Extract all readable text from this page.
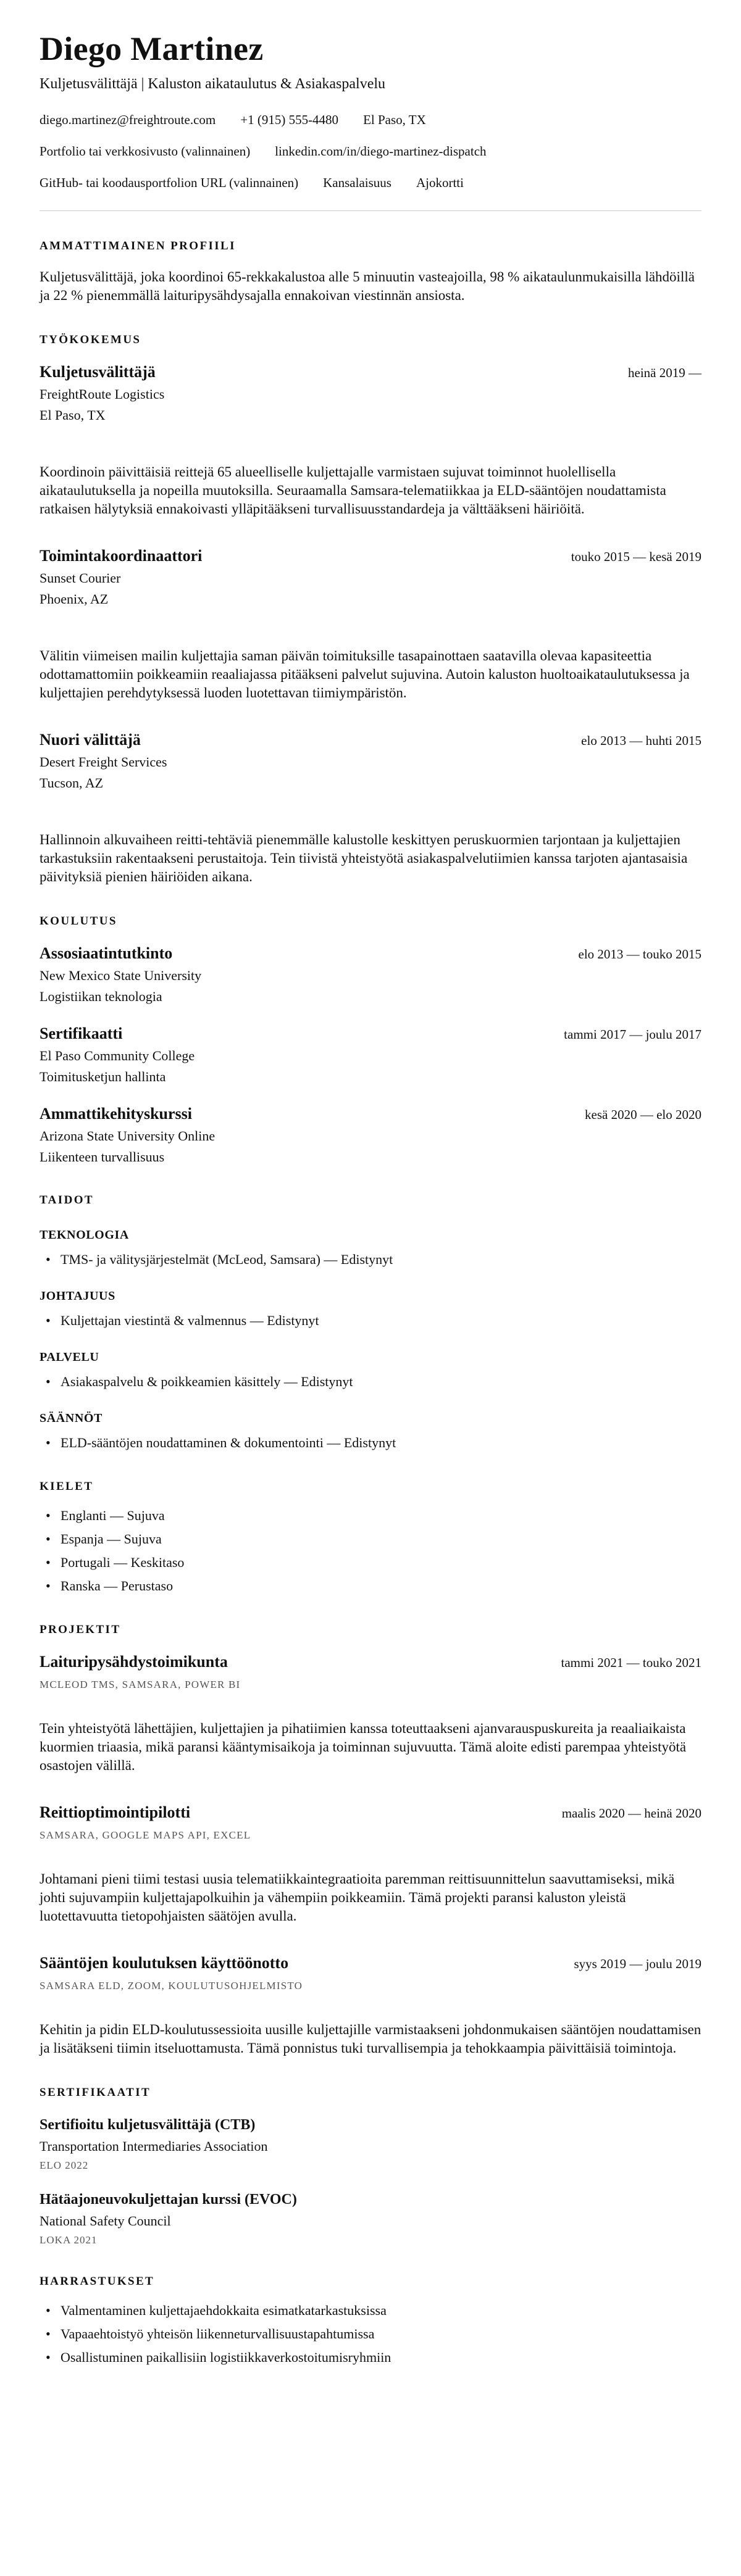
Diego Martinez

Kuljetusvälittäjä | Kaluston aikataulutus & Asiakaspalvelu

diego.martinez@freightroute.com +1 (915) 555-4480 El Paso, TX
Portfolio tai verkkosivusto (valinnainen) linkedin.com/in/diego-martinez-dispatch
GitHub- tai koodausportfolion URL (valinnainen) Kansalaisuus Ajokortti
AMMATTIMAINEN PROFIILI

Kuljetusvälittäjä, joka koordinoi 65-rekkakalustoa alle 5 minuutin vasteajoilla, 98 % aikataulunmukaisilla lähdöillä ja 22 % pienemmällä laituripysähdysajalla ennakoivan viestinnän ansiosta.

TYÖKOKEMUS
Kuljetusvälittäjä	heinä 2019 —

FreightRoute Logistics

El Paso, TX

Koordinoin päivittäisiä reittejä 65 alueelliselle kuljettajalle varmistaen sujuvat toiminnot huolellisella aikataulutuksella ja nopeilla muutoksilla. Seuraamalla Samsara-telematiikkaa ja ELD-sääntöjen noudattamista ratkaisen hälytyksiä ennakoivasti ylläpitääkseni turvallisuusstandardeja ja välttääkseni häiriöitä.

Toimintakoordinaattori	touko 2015 — kesä 2019

Sunset Courier

Phoenix, AZ

Välitin viimeisen mailin kuljettajia saman päivän toimituksille tasapainottaen saatavilla olevaa kapasiteettia odottamattomiin poikkeamiin reaaliajassa pitääkseni palvelut sujuvina. Autoin kaluston huoltoaikataulutuksessa ja kuljettajien perehdytyksessä luoden luotettavan tiimiympäristön.

Nuori välittäjä	elo 2013 — huhti 2015

Desert Freight Services

Tucson, AZ

Hallinnoin alkuvaiheen reitti-tehtäviä pienemmälle kalustolle keskittyen peruskuormien tarjontaan ja kuljettajien tarkastuksiin rakentaakseni perustaitoja. Tein tiivistä yhteistyötä asiakaspalvelutiimien kanssa tarjoten ajantasaisia päivityksiä pienien häiriöiden aikana.

KOULUTUS
Assosiaatintutkinto	elo 2013 — touko 2015

New Mexico State University

Logistiikan teknologia

Sertifikaatti	tammi 2017 — joulu 2017

El Paso Community College

Toimitusketjun hallinta

Ammattikehityskurssi	kesä 2020 — elo 2020

Arizona State University Online

Liikenteen turvallisuus

TAIDOT
TEKNOLOGIA
• TMS- ja välitysjärjestelmät (McLeod, Samsara) — Edistynyt
JOHTAJUUS
• Kuljettajan viestintä & valmennus — Edistynyt
PALVELU
• Asiakaspalvelu & poikkeamien käsittely — Edistynyt
SÄÄNNÖT
• ELD-sääntöjen noudattaminen & dokumentointi — Edistynyt
KIELET
• Englanti — Sujuva
• Espanja — Sujuva
• Portugali — Keskitaso
• Ranska — Perustaso
PROJEKTIT
Laituripysähdystoimikunta	tammi 2021 — touko 2021

MCLEOD TMS, SAMSARA, POWER BI

Tein yhteistyötä lähettäjien, kuljettajien ja pihatiimien kanssa toteuttaakseni ajanvarauspuskureita ja reaaliaikaista kuormien triaasia, mikä paransi kääntymisaikoja ja toiminnan sujuvuutta. Tämä aloite edisti parempaa yhteistyötä osastojen välillä.

Reittioptimointipilotti	maalis 2020 — heinä 2020

SAMSARA, GOOGLE MAPS API, EXCEL

Johtamani pieni tiimi testasi uusia telematiikkaintegraatioita paremman reittisuunnittelun saavuttamiseksi, mikä johti sujuvampiin kuljettajapolkuihin ja vähempiin poikkeamiin. Tämä projekti paransi kaluston yleistä luotettavuutta tietopohjaisten säätöjen avulla.

Sääntöjen koulutuksen käyttöönotto	syys 2019 — joulu 2019

SAMSARA ELD, ZOOM, KOULUTUSOHJELMISTO

Kehitin ja pidin ELD-koulutussessioita uusille kuljettajille varmistaakseni johdonmukaisen sääntöjen noudattamisen ja lisätäkseni tiimin itseluottamusta. Tämä ponnistus tuki turvallisempia ja tehokkaampia päivittäisiä toimintoja.

SERTIFIKAATIT
Sertifioitu kuljetusvälittäjä (CTB)

Transportation Intermediaries Association

ELO 2022

Hätäajoneuvokuljettajan kurssi (EVOC)

National Safety Council

LOKA 2021

HARRASTUKSET
• Valmentaminen kuljettajaehdokkaita esimatkatarkastuksissa
• Vapaaehtoistyö yhteisön liikenneturvallisuustapahtumissa
• Osallistuminen paikallisiin logistiikkaverkostoitumisryhmiin
